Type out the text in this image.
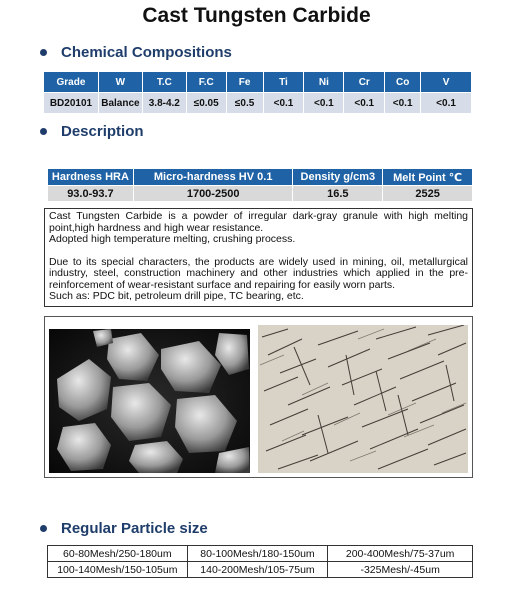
Cast Tungsten Carbide
Chemical Compositions
Grade	W	T.C	F.C	Fe	Ti	Ni	Cr	Co	V
BD20101	Balance	3.8-4.2	≤0.05	≤0.5	<0.1	<0.1	<0.1	<0.1	<0.1
Description
Hardness HRA	Micro-hardness HV 0.1	Density g/cm3	Melt Point ℃
93.0-93.7	1700-2500	16.5	2525

Cast Tungsten Carbide is a powder of irregular dark-gray granule with high melting point,high hardness and high wear resistance.

Adopted high temperature melting, crushing process.

Due to its special characters, the products are widely used in mining, oil, metallurgical industry, steel, construction machinery and other industries which applied in the pre-reinforcement of wear-resistant surface and repairing for easily worn parts.

Such as: PDC bit, petroleum drill pipe, TC bearing, etc.

Regular Particle size
60-80Mesh/250-180um	80-100Mesh/180-150um	200-400Mesh/75-37um
100-140Mesh/150-105um	140-200Mesh/105-75um	-325Mesh/-45um
